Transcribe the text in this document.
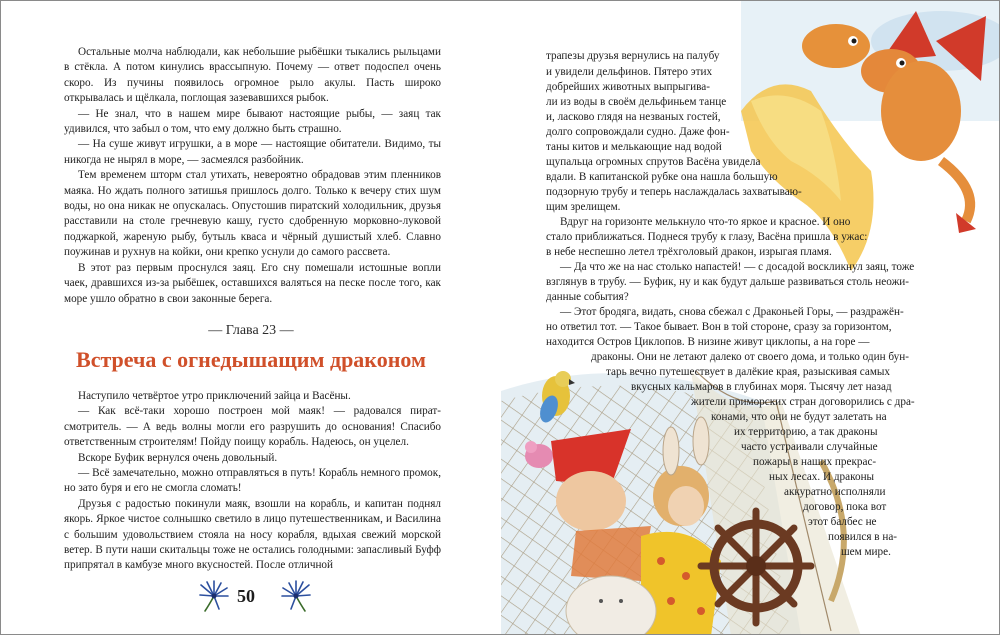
Остальные молча наблюдали, как небольшие рыбёшки тыкались рыльцами в стёкла. А потом кинулись врассыпную. Почему — ответ подоспел очень скоро. Из пучины появилось огромное рыло акулы. Пасть широко открывалась и щёлкала, поглощая зазевавшихся рыбок.

— Не знал, что в нашем мире бывают настоящие рыбы, — заяц так удивился, что забыл о том, что ему должно быть страшно.

— На суше живут игрушки, а в море — настоящие обитатели. Видимо, ты никогда не нырял в море, — засмеялся разбойник.

Тем временем шторм стал утихать, невероятно обрадовав этим пленников маяка. Но ждать полного затишья пришлось долго. Только к вечеру стих шум воды, но она никак не опускалась. Опустошив пиратский холодильник, друзья расставили на столе гречневую кашу, густо сдобренную морковно-луковой поджаркой, жареную рыбу, бутыль кваса и чёрный душистый хлеб. Славно поужинав и рухнув на койки, они крепко уснули до самого рассвета.

В этот раз первым проснулся заяц. Его сну помешали истошные вопли чаек, дравшихся из-за рыбёшек, оставшихся валяться на песке после того, как море ушло обратно в свои законные берега.

— Глава 23 —
Встреча с огнедышащим драконом

Наступило четвёртое утро приключений зайца и Васёны.

— Как всё-таки хорошо построен мой маяк! — радовался пират-смотритель. — А ведь волны могли его разрушить до основания! Спасибо ответственным строителям! Пойду поищу корабль. Надеюсь, он уцелел.

Вскоре Буфик вернулся очень довольный.

— Всё замечательно, можно отправляться в путь! Корабль немного промок, но зато буря и его не смогла сломать!

Друзья с радостью покинули маяк, взошли на корабль, и капитан поднял якорь. Яркое чистое солнышко светило в лицо путешественникам, и Василина с большим удовольствием стояла на носу корабля, вдыхая свежий морской ветер. В пути наши скитальцы тоже не остались голодными: запасливый Буфф припрятал в камбузе много вкусностей. После отличной

50
трапезы друзья вернулись на палубу
и увидели дельфинов. Пятеро этих
добрейших животных выпрыгива-
ли из воды в своём дельфиньем танце
и, ласково глядя на незваных гостей,
долго сопровождали судно. Даже фон-
таны китов и мелькающие над водой
щупальца огромных спрутов Васёна увидела
вдали. В капитанской рубке она нашла большую
подзорную трубу и теперь наслаждалась захватываю-
щим зрелищем.
Вдруг на горизонте мелькнуло что-то яркое и красное. И оно
стало приближаться. Поднеся трубу к глазу, Васёна пришла в ужас:
в небе неспешно летел трёхголовый дракон, изрыгая пламя.
— Да что же на нас столько напастей! — с досадой воскликнул заяц, тоже
взглянув в трубу. — Буфик, ну и как будут дальше развиваться столь неожи-
данные события?
— Этот бродяга, видать, снова сбежал с Драконьей Горы, — раздражён-
но ответил тот. — Такое бывает. Вон в той стороне, сразу за горизонтом,
находится Остров Циклопов. В низине живут циклопы, а на горе —
драконы. Они не летают далеко от своего дома, и только один бун-
тарь вечно путешествует в далёкие края, разыскивая самых
вкусных кальмаров в глубинах моря. Тысячу лет назад
жители приморских стран договорились с дра-
конами, что они не будут залетать на
их территорию, а так драконы
часто устраивали случайные
пожары в наших прекрас-
ных лесах. И драконы
аккуратно исполняли
договор, пока вот
этот балбес не
появился в на-
шем мире.
